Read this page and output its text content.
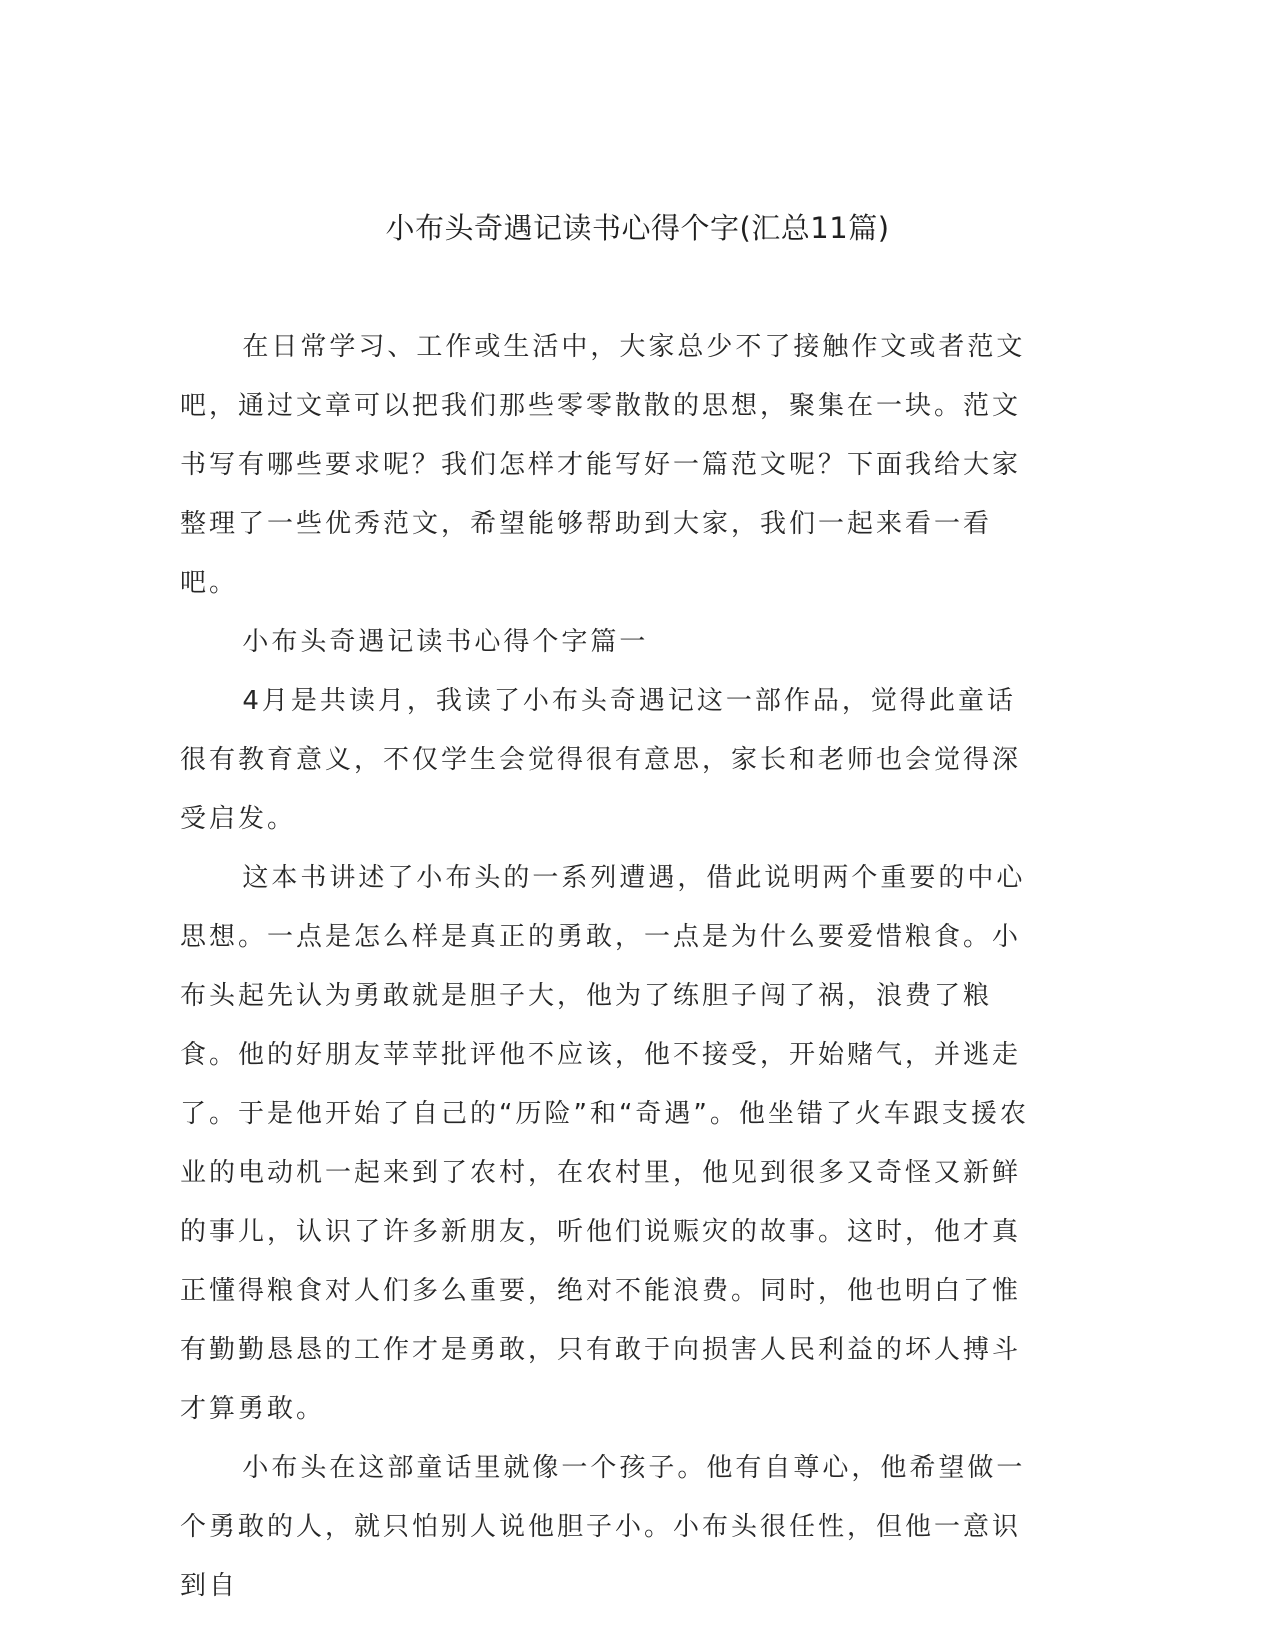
小布头奇遇记读书心得个字(汇总11篇)

在日常学习、工作或生活中，大家总少不了接触作文或者范文吧，通过文章可以把我们那些零零散散的思想，聚集在一块。范文书写有哪些要求呢？我们怎样才能写好一篇范文呢？下面我给大家整理了一些优秀范文，希望能够帮助到大家，我们一起来看一看吧。

小布头奇遇记读书心得个字篇一

4月是共读月，我读了小布头奇遇记这一部作品，觉得此童话很有教育意义，不仅学生会觉得很有意思，家长和老师也会觉得深受启发。

这本书讲述了小布头的一系列遭遇，借此说明两个重要的中心思想。一点是怎么样是真正的勇敢，一点是为什么要爱惜粮食。小布头起先认为勇敢就是胆子大，他为了练胆子闯了祸，浪费了粮食。他的好朋友苹苹批评他不应该，他不接受，开始赌气，并逃走了。于是他开始了自己的“历险”和“奇遇”。他坐错了火车跟支援农业的电动机一起来到了农村，在农村里，他见到很多又奇怪又新鲜的事儿，认识了许多新朋友，听他们说赈灾的故事。这时，他才真正懂得粮食对人们多么重要，绝对不能浪费。同时，他也明白了惟有勤勤恳恳的工作才是勇敢，只有敢于向损害人民利益的坏人搏斗才算勇敢。

小布头在这部童话里就像一个孩子。他有自尊心，他希望做一个勇敢的人，就只怕别人说他胆子小。小布头很任性，但他一意识到自
